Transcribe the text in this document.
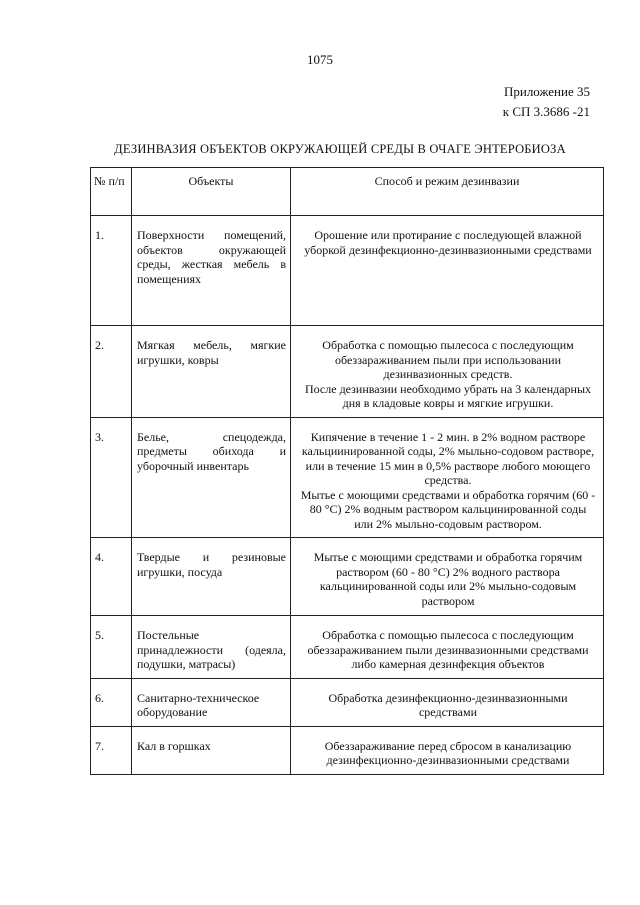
1075
Приложение 35
к СП 3.3686 -21
ДЕЗИНВАЗИЯ ОБЪЕКТОВ ОКРУЖАЮЩЕЙ СРЕДЫ В ОЧАГЕ ЭНТЕРОБИОЗА
№ п/п	Объекты	Способ и режим дезинвазии
1.	Поверхности помещений, объектов окружающей среды, жесткая мебель в помещениях	Орошение или протирание с последующей влажной уборкой дезинфекционно-дезинвазионными средствами

2.	Мягкая мебель, мягкие игрушки, ковры	Обработка с помощью пылесоса с последующим обеззараживанием пыли при использовании дезинвазионных средств.
После дезинвазии необходимо убрать на 3 календарных дня в кладовые ковры и мягкие игрушки.

3.	Белье, спецодежда, предметы обихода и уборочный инвентарь	Кипячение в течение 1 - 2 мин. в 2% водном растворе кальциинированной соды, 2% мыльно-содовом растворе, или в течение 15 мин в 0,5% растворе любого моющего средства.
Мытье с моющими средствами и обработка горячим (60 - 80 °С) 2% водным раствором кальцинированной соды или 2% мыльно-содовым раствором.

4.	Твердые и резиновые игрушки, посуда	Мытье с моющими средствами и обработка горячим раствором (60 - 80 °С) 2% водного раствора кальцинированной соды или 2% мыльно-содовым раствором

5.	Постельные принадлежности (одеяла, подушки, матрасы)	Обработка с помощью пылесоса с последующим обеззараживанием пыли дезинвазионными средствами либо камерная дезинфекция объектов

6.	Санитарно-техническое оборудование	Обработка дезинфекционно-дезинвазионными средствами

7.	Кал в горшках	Обеззараживание перед сбросом в канализацию дезинфекционно-дезинвазионными средствами
